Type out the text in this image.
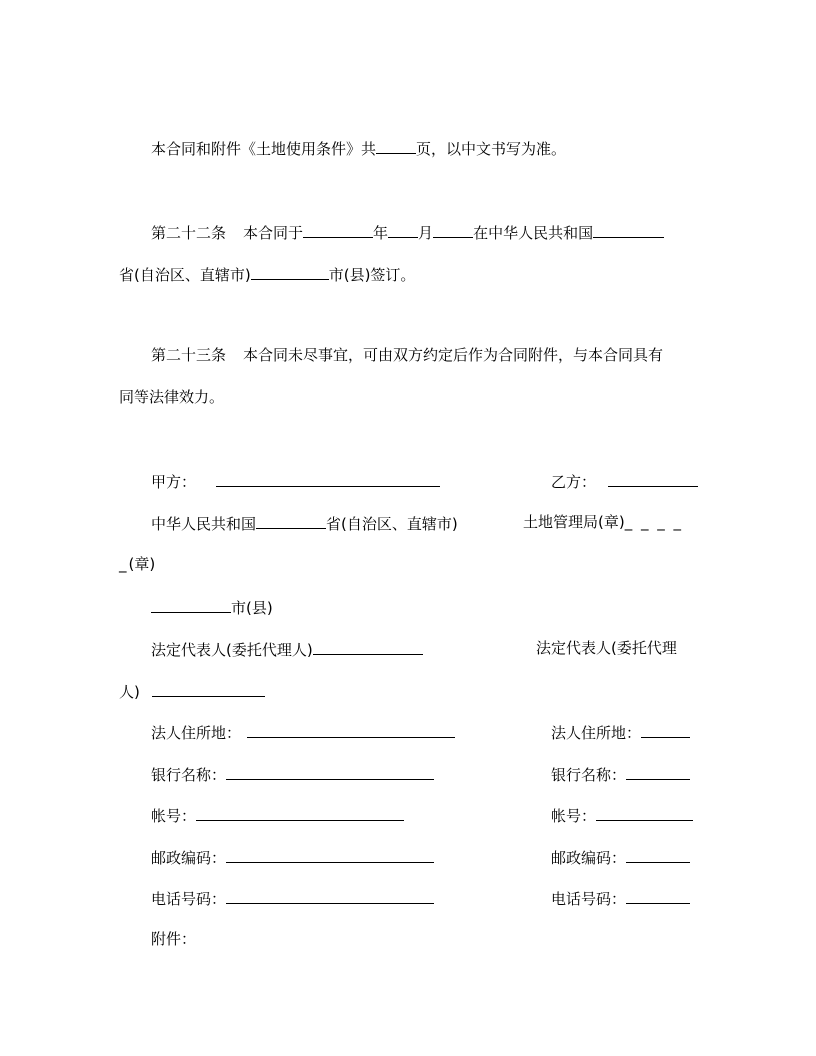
本合同和附件《土地使用条件》共	页，以中文书写为准。
第二十二条 本合同于	年 月	在中华人民共和国
省(自治区、直辖市)	市(县)签订。
第二十三条 本合同未尽事宜，可由双方约定后作为合同附件，与本合同具有
同等法律效力。
甲方：	乙方：
中华人民共和国	省(自治区、直辖市)	土地管理局(章)_ _ _ _
_(章)
市(县)
法定代表人(委托代理人)	法定代表人(委托代理
人)
法人住所地：	法人住所地：
银行名称：	银行名称：
帐号：	帐号：
邮政编码：	邮政编码：
电话号码：	电话号码：
附件：
